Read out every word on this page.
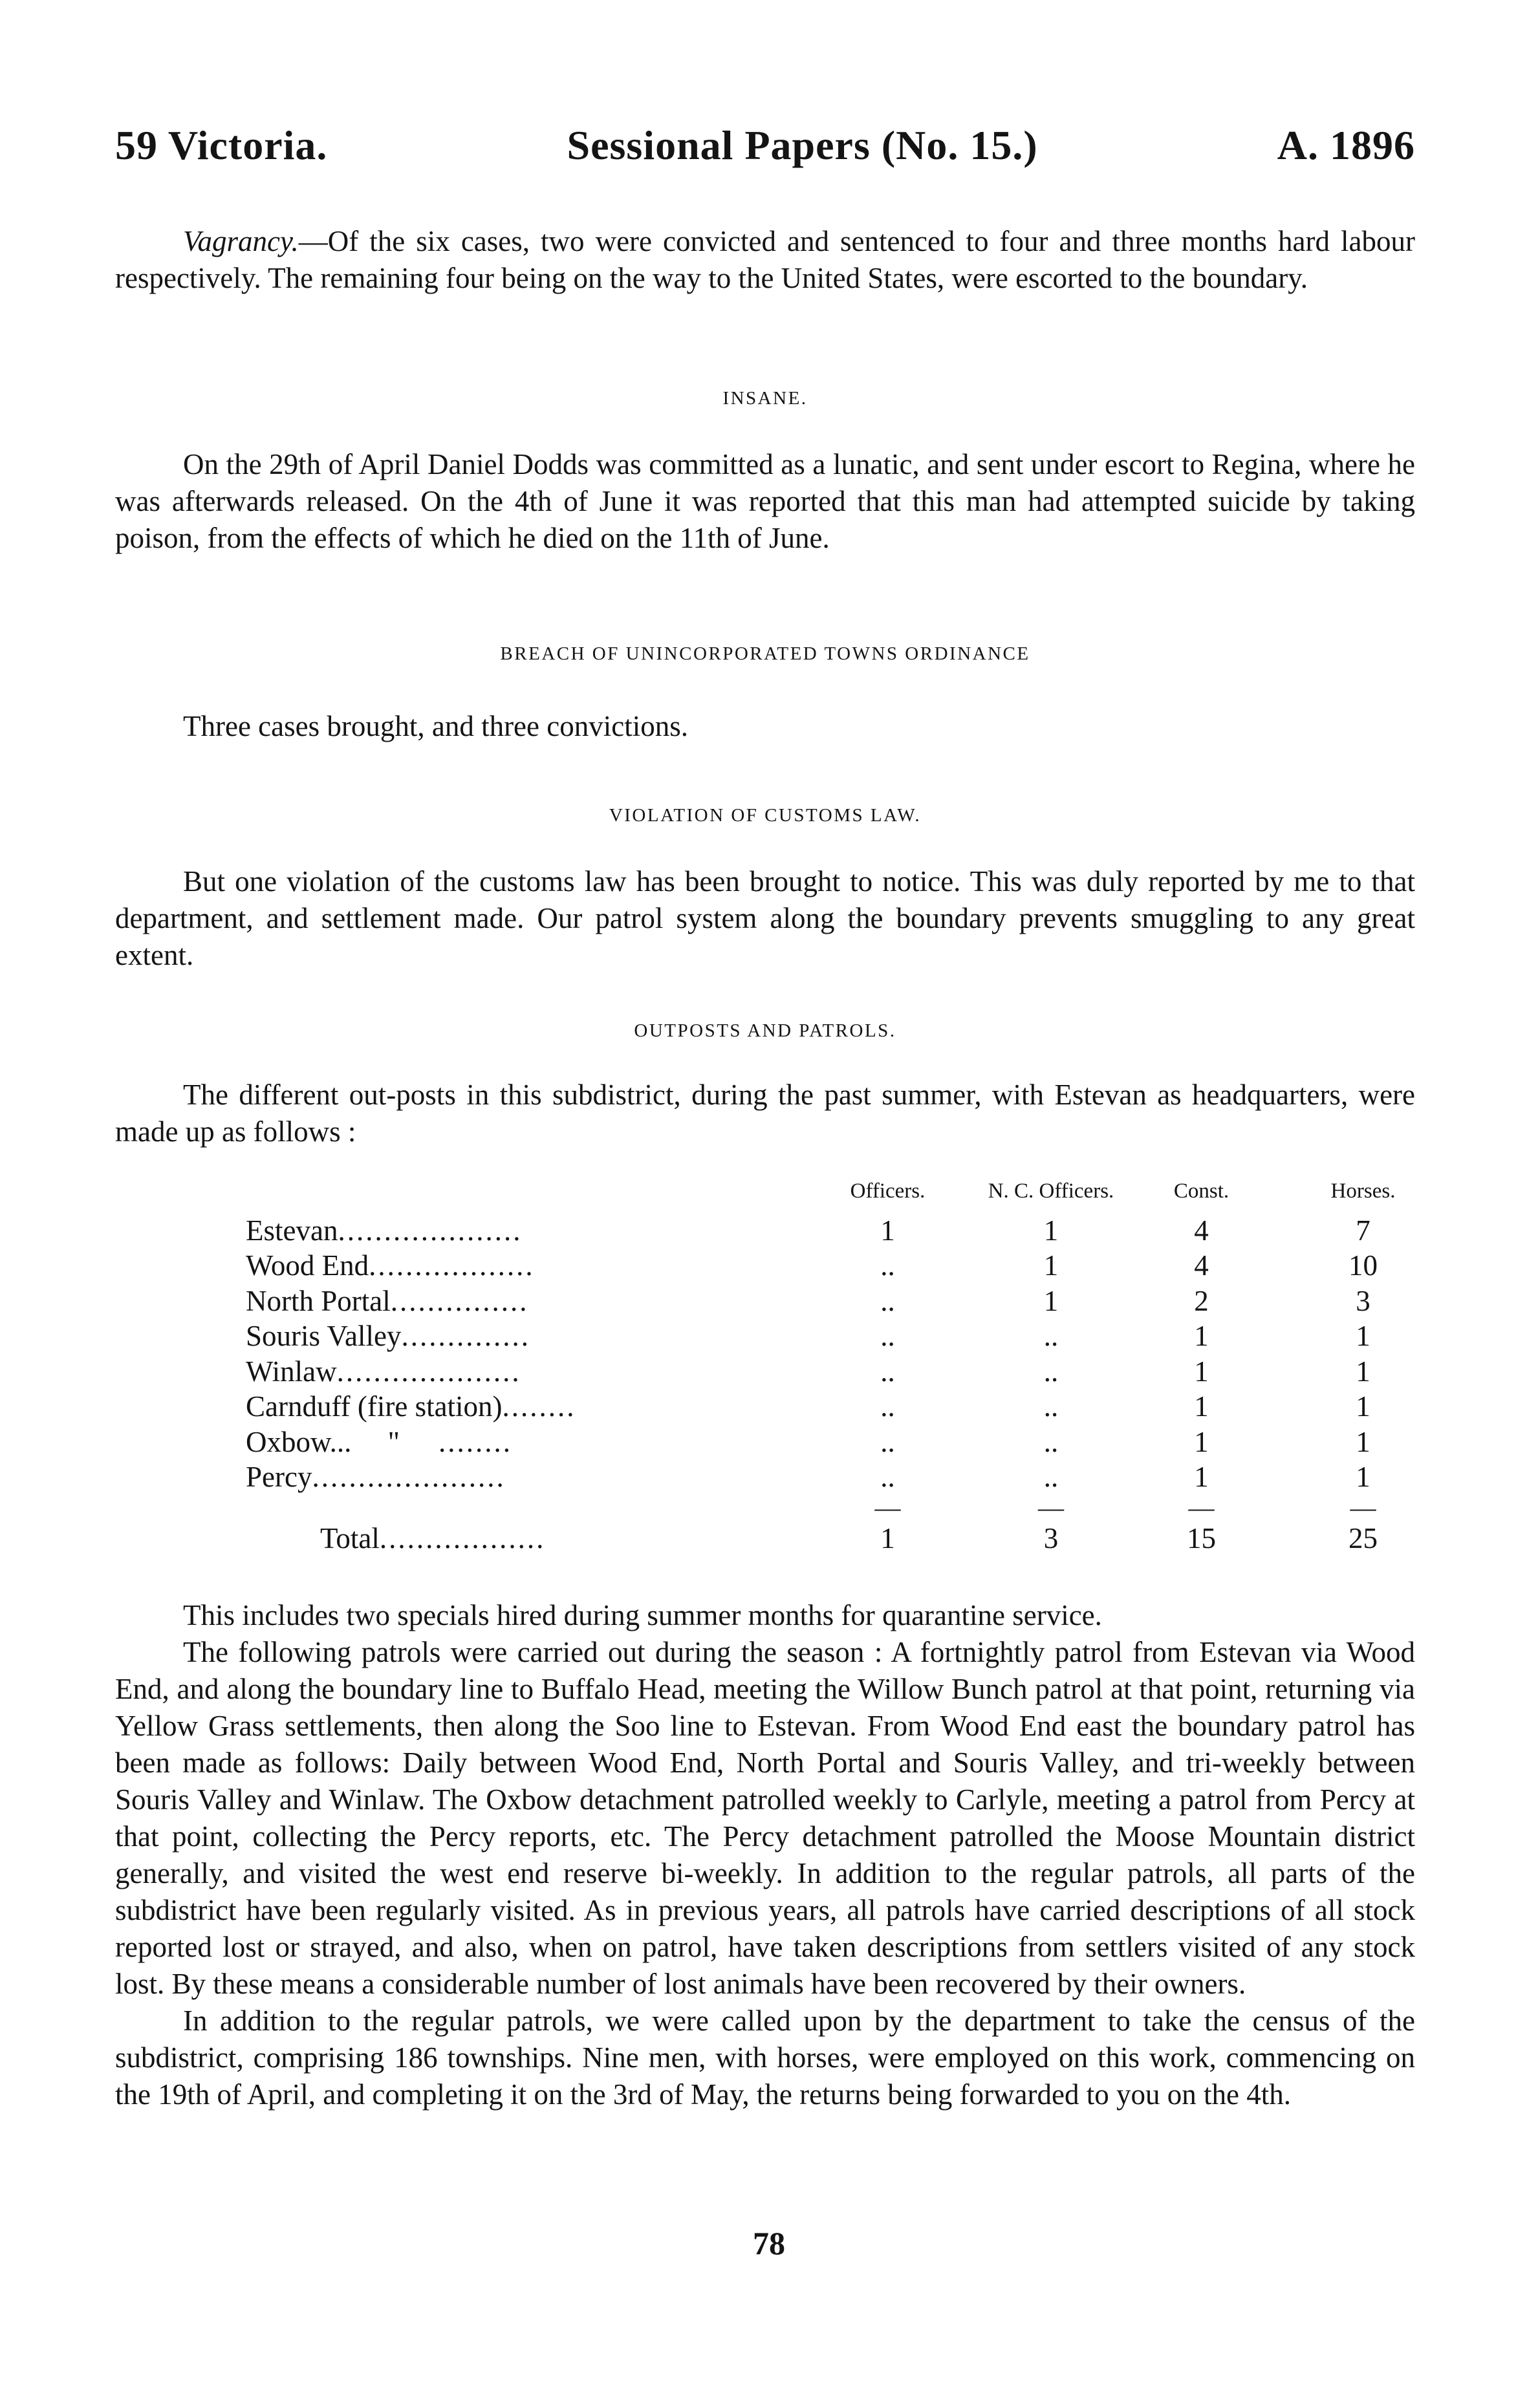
59 Victoria.	Sessional Papers (No. 15.)	A. 1896

Vagrancy.—Of the six cases, two were convicted and sentenced to four and three months hard labour respectively. The remaining four being on the way to the United States, were escorted to the boundary.

INSANE.

On the 29th of April Daniel Dodds was committed as a lunatic, and sent under escort to Regina, where he was afterwards released. On the 4th of June it was reported that this man had attempted suicide by taking poison, from the effects of which he died on the 11th of June.

BREACH OF UNINCORPORATED TOWNS ORDINANCE

Three cases brought, and three convictions.

VIOLATION OF CUSTOMS LAW.

But one violation of the customs law has been brought to notice. This was duly reported by me to that department, and settlement made. Our patrol system along the boundary prevents smuggling to any great extent.

OUTPOSTS AND PATROLS.

The different out-posts in this subdistrict, during the past summer, with Estevan as headquarters, were made up as follows :

	Officers.	N. C. Officers.	Const.	Horses.
Estevan....................	1	1	4	7
Wood End..................	..	1	4	10
North Portal...............	..	1	2	3
Souris Valley..............	..	..	1	1
Winlaw....................	..	..	1	1
Carnduff (fire station)........	..	..	1	1
Oxbow...     " ........	..	..	1	1
Percy.....................	..	..	1	1
	—	—	—	—
Total..................	1	3	15	25

This includes two specials hired during summer months for quarantine service.

The following patrols were carried out during the season : A fortnightly patrol from Estevan via Wood End, and along the boundary line to Buffalo Head, meeting the Willow Bunch patrol at that point, returning via Yellow Grass settlements, then along the Soo line to Estevan. From Wood End east the boundary patrol has been made as follows: Daily between Wood End, North Portal and Souris Valley, and tri-weekly between Souris Valley and Winlaw. The Oxbow detachment patrolled weekly to Carlyle, meeting a patrol from Percy at that point, collecting the Percy reports, etc. The Percy detachment patrolled the Moose Mountain district generally, and visited the west end reserve bi-weekly. In addition to the regular patrols, all parts of the subdistrict have been regularly visited. As in previous years, all patrols have carried descriptions of all stock reported lost or strayed, and also, when on patrol, have taken descriptions from settlers visited of any stock lost. By these means a considerable number of lost animals have been recovered by their owners.

In addition to the regular patrols, we were called upon by the department to take the census of the subdistrict, comprising 186 townships. Nine men, with horses, were employed on this work, commencing on the 19th of April, and completing it on the 3rd of May, the returns being forwarded to you on the 4th.

78
